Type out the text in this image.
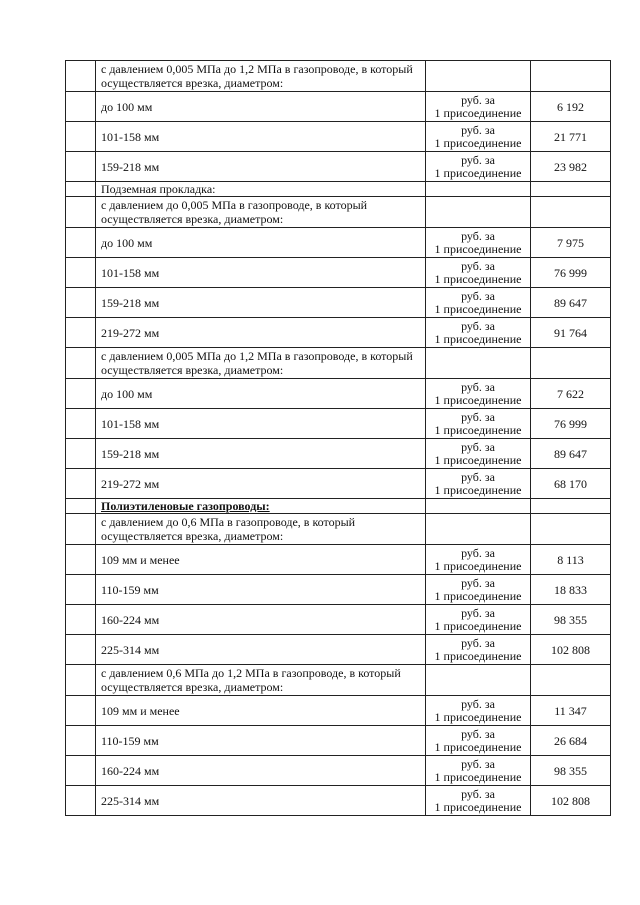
	с давлением 0,005 МПа до 1,2 МПа в газопроводе, в который осуществляется врезка, диаметром:		
	до 100 мм	руб. за
1 присоединение	6 192
	101-158 мм	руб. за
1 присоединение	21 771
	159-218 мм	руб. за
1 присоединение	23 982
	Подземная прокладка:		
	с давлением до 0,005 МПа в газопроводе, в который осуществляется врезка, диаметром:		
	до 100 мм	руб. за
1 присоединение	7 975
	101-158 мм	руб. за
1 присоединение	76 999
	159-218 мм	руб. за
1 присоединение	89 647
	219-272 мм	руб. за
1 присоединение	91 764
	с давлением 0,005 МПа до 1,2 МПа в газопроводе, в который осуществляется врезка, диаметром:		
	до 100 мм	руб. за
1 присоединение	7 622
	101-158 мм	руб. за
1 присоединение	76 999
	159-218 мм	руб. за
1 присоединение	89 647
	219-272 мм	руб. за
1 присоединение	68 170
	Полиэтиленовые газопроводы:		
	с давлением до 0,6 МПа в газопроводе, в который осуществляется врезка, диаметром:		
	109 мм и менее	руб. за
1 присоединение	8 113
	110-159 мм	руб. за
1 присоединение	18 833
	160-224 мм	руб. за
1 присоединение	98 355
	225-314 мм	руб. за
1 присоединение	102 808
	с давлением 0,6 МПа до 1,2 МПа в газопроводе, в который осуществляется врезка, диаметром:		
	109 мм и менее	руб. за
1 присоединение	11 347
	110-159 мм	руб. за
1 присоединение	26 684
	160-224 мм	руб. за
1 присоединение	98 355
	225-314 мм	руб. за
1 присоединение	102 808
